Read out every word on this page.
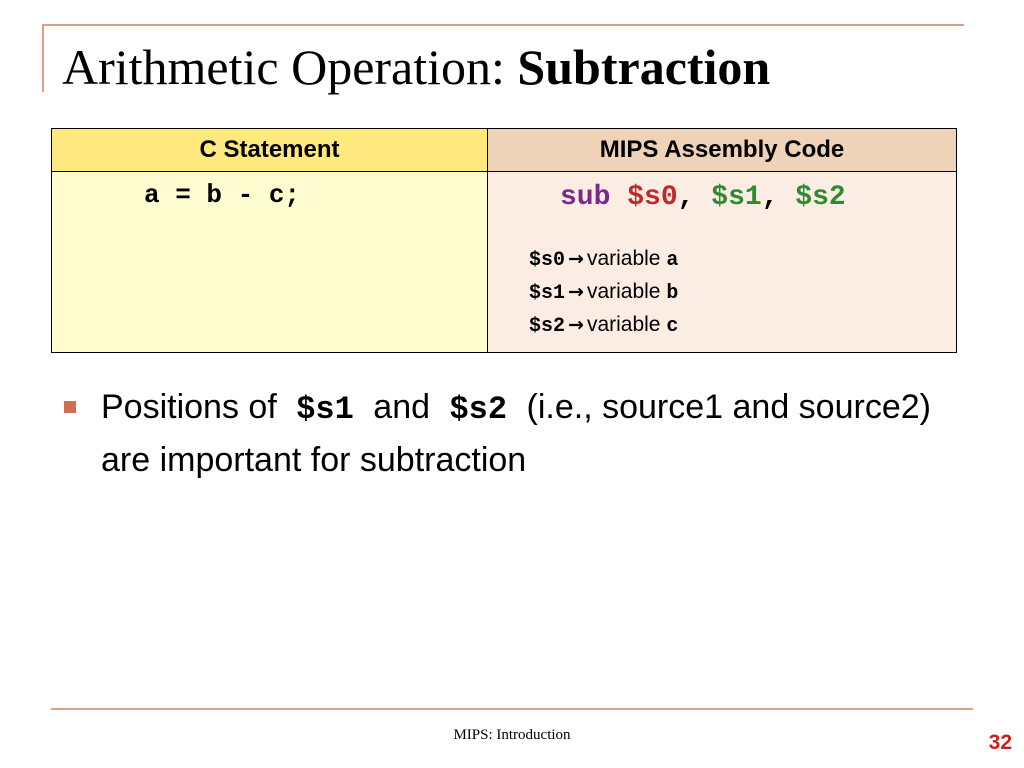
Arithmetic Operation: Subtraction
C Statement	MIPS Assembly Code

a = b - c;	sub $s0, $s1, $s2
$s0 → variable a
$s1 → variable b
$s2 → variable c
Positions of $s1 and $s2 (i.e., source1 and source2) are important for subtraction
MIPS: Introduction	32
